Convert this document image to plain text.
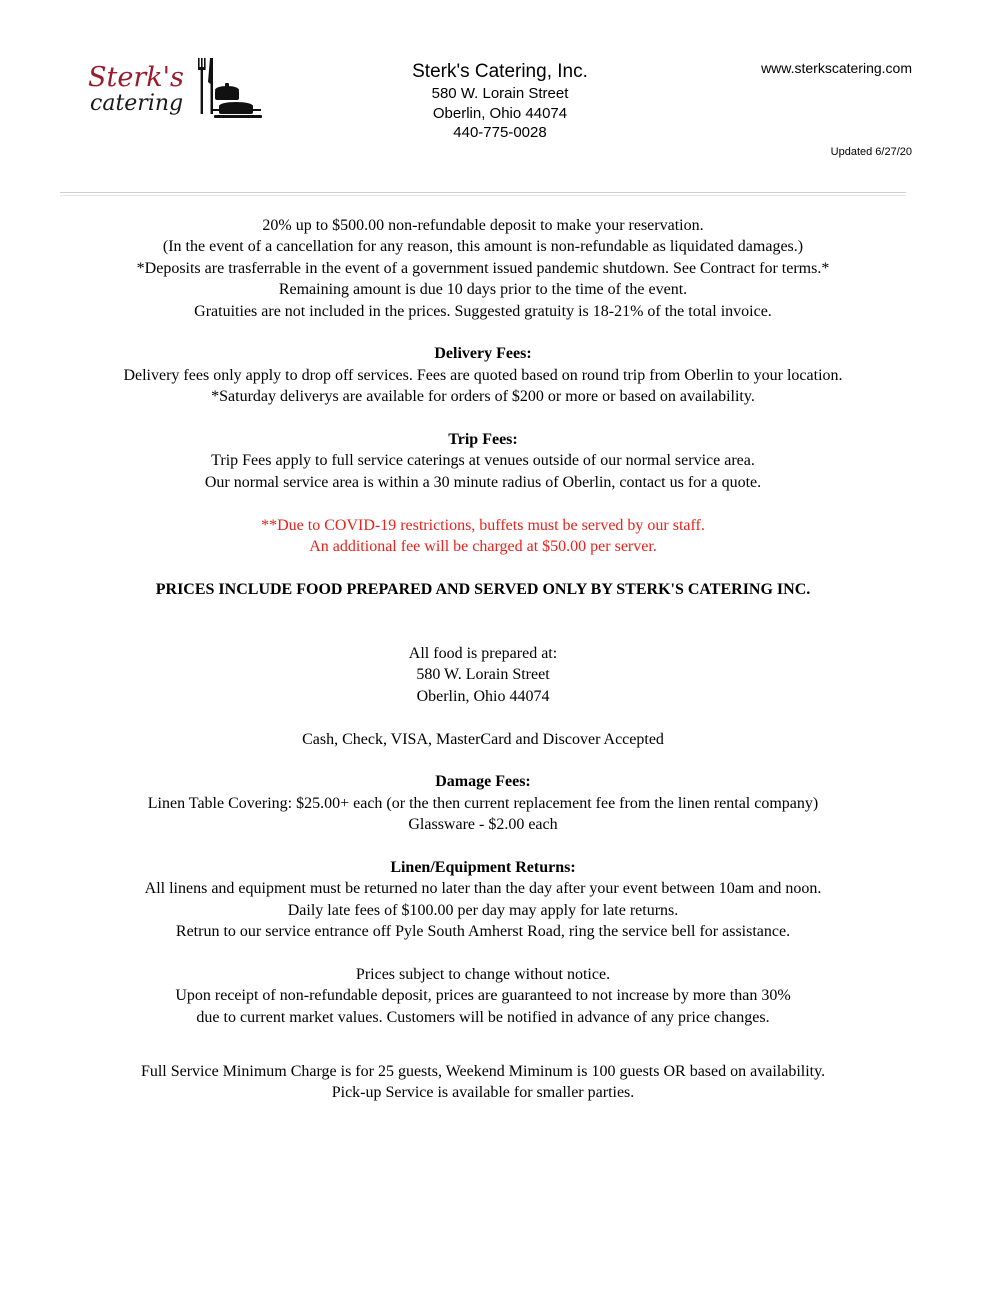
Sterk's
catering
Sterk's Catering, Inc.
580 W. Lorain Street
Oberlin, Ohio 44074
440-775-0028
www.sterkscatering.com
Updated 6/27/20

20% up to $500.00 non-refundable deposit to make your reservation.

(In the event of a cancellation for any reason, this amount is non-refundable as liquidated damages.)

*Deposits are trasferrable in the event of a government issued pandemic shutdown. See Contract for terms.*

Remaining amount is due 10 days prior to the time of the event.

Gratuities are not included in the prices. Suggested gratuity is 18-21% of the total invoice.

Delivery Fees:

Delivery fees only apply to drop off services. Fees are quoted based on round trip from Oberlin to your location.

*Saturday deliverys are available for orders of $200 or more or based on availability.

Trip Fees:

Trip Fees apply to full service caterings at venues outside of our normal service area.

Our normal service area is within a 30 minute radius of Oberlin, contact us for a quote.

**Due to COVID-19 restrictions, buffets must be served by our staff.

An additional fee will be charged at $50.00 per server.

PRICES INCLUDE FOOD PREPARED AND SERVED ONLY BY STERK'S CATERING INC.

All food is prepared at:

580 W. Lorain Street

Oberlin, Ohio 44074

Cash, Check, VISA, MasterCard and Discover Accepted

Damage Fees:

Linen Table Covering: $25.00+ each (or the then current replacement fee from the linen rental company)

Glassware - $2.00 each

Linen/Equipment Returns:

All linens and equipment must be returned no later than the day after your event between 10am and noon.

Daily late fees of $100.00 per day may apply for late returns.

Retrun to our service entrance off Pyle South Amherst Road, ring the service bell for assistance.

Prices subject to change without notice.

Upon receipt of non-refundable deposit, prices are guaranteed to not increase by more than 30%

due to current market values. Customers will be notified in advance of any price changes.

Full Service Minimum Charge is for 25 guests, Weekend Miminum is 100 guests OR based on availability.

Pick-up Service is available for smaller parties.
